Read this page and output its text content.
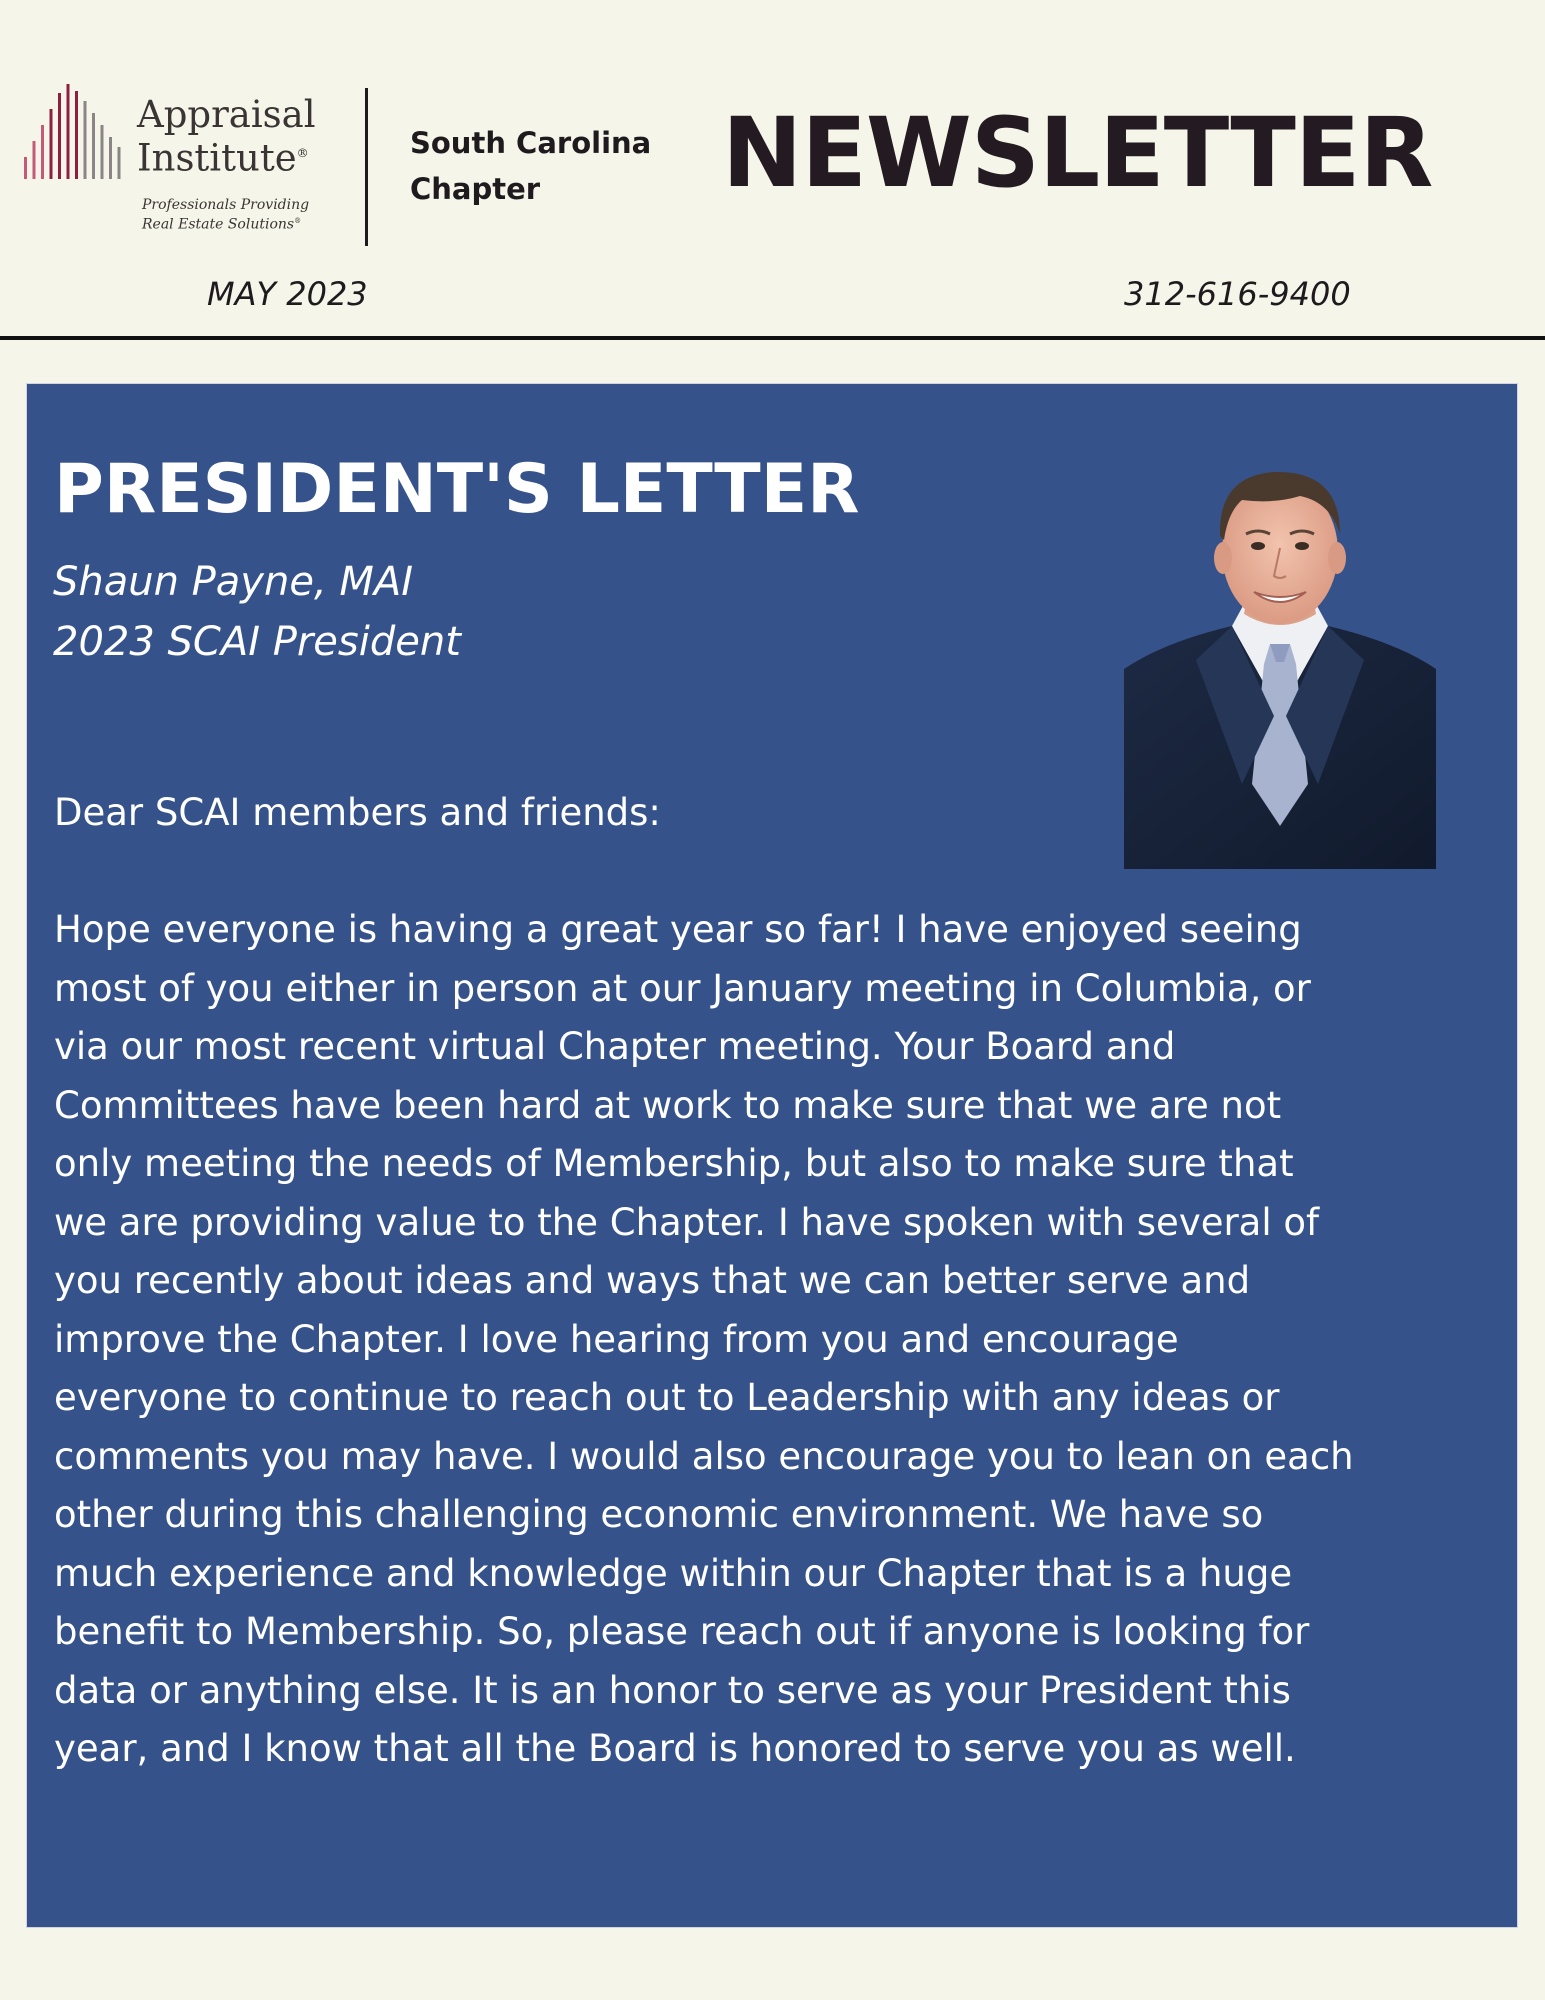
Appraisal
Institute®
Professionals Providing
Real Estate Solutions®
South Carolina
Chapter	NEWSLETTER
MAY 2023	312-616-9400
PRESIDENT'S LETTER
Shaun Payne, MAI
2023 SCAI President

Dear SCAI members and friends:

Hope everyone is having a great year so far! I have enjoyed seeing
most of you either in person at our January meeting in Columbia, or
via our most recent virtual Chapter meeting. Your Board and
Committees have been hard at work to make sure that we are not
only meeting the needs of Membership, but also to make sure that
we are providing value to the Chapter. I have spoken with several of
you recently about ideas and ways that we can better serve and
improve the Chapter. I love hearing from you and encourage
everyone to continue to reach out to Leadership with any ideas or
comments you may have. I would also encourage you to lean on each
other during this challenging economic environment. We have so
much experience and knowledge within our Chapter that is a huge
benefit to Membership. So, please reach out if anyone is looking for
data or anything else. It is an honor to serve as your President this
year, and I know that all the Board is honored to serve you as well.
